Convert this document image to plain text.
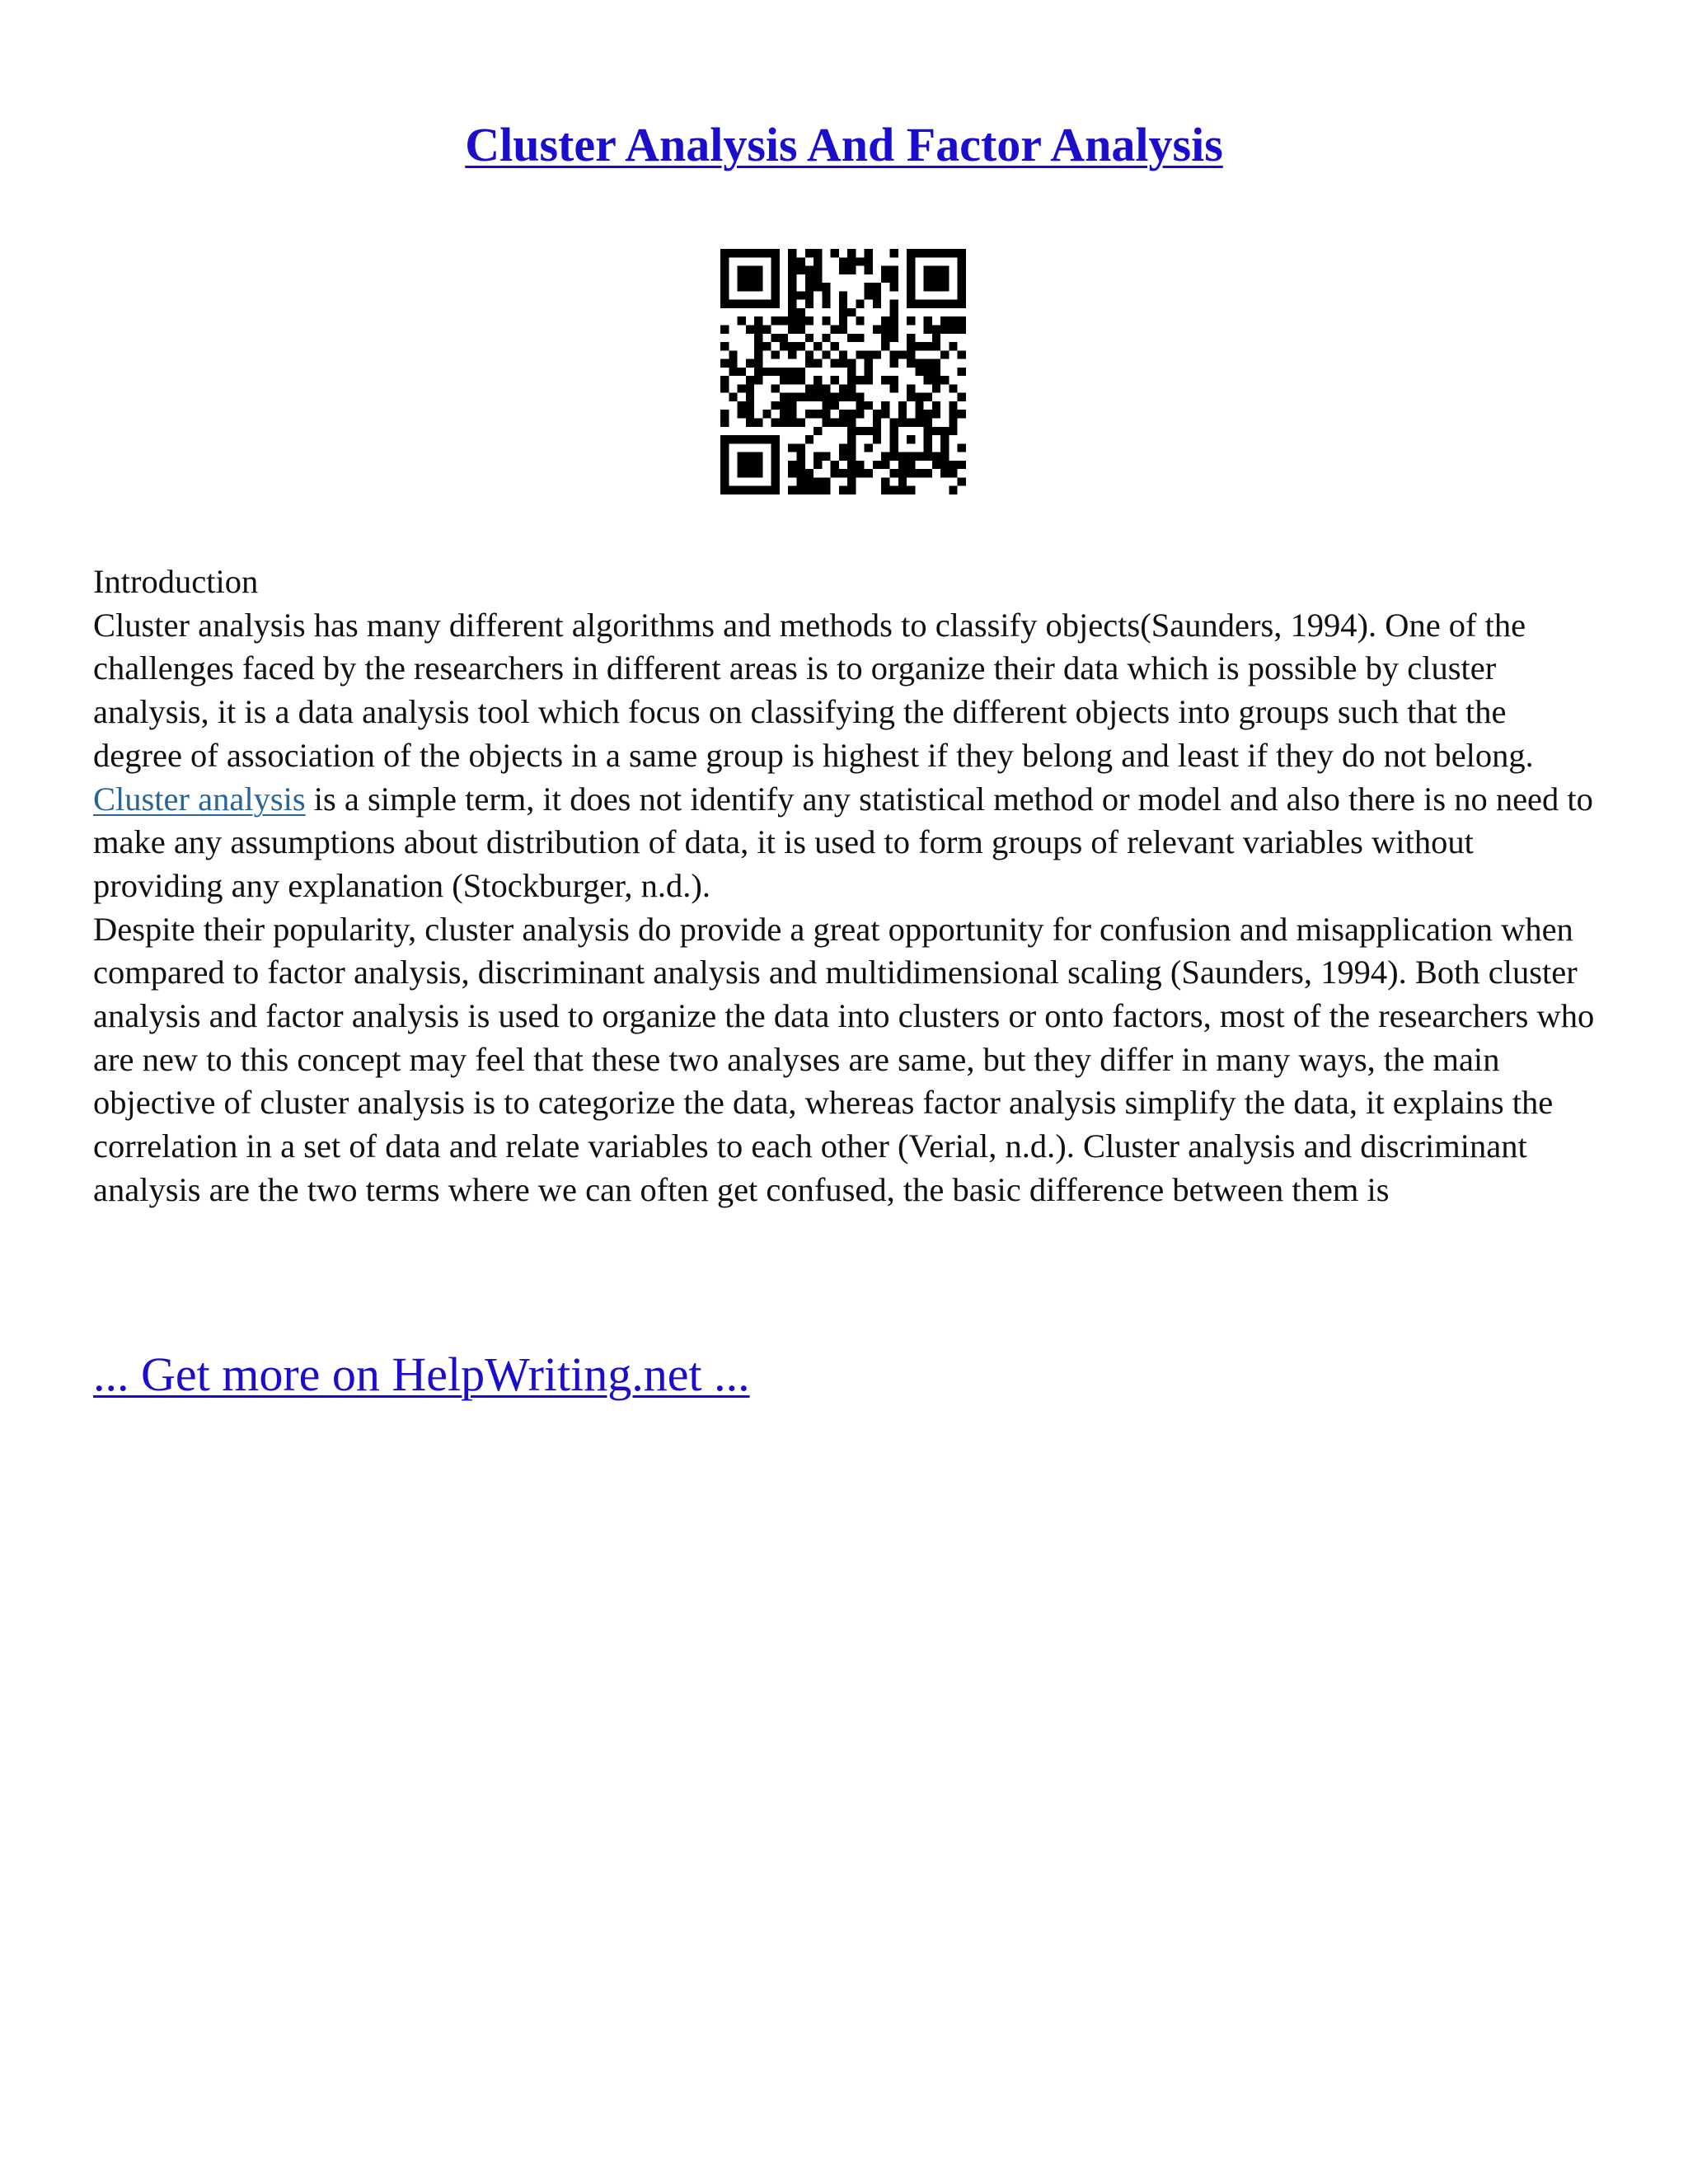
Cluster Analysis And Factor Analysis

Introduction

Cluster analysis has many different algorithms and methods to classify objects(Saunders, 1994). One of the challenges faced by the researchers in different areas is to organize their data which is possible by cluster analysis, it is a data analysis tool which focus on classifying the different objects into groups such that the degree of association of the objects in a same group is highest if they belong and least if they do not belong. Cluster analysis is a simple term, it does not identify any statistical method or model and also there is no need to make any assumptions about distribution of data, it is used to form groups of relevant variables without providing any explanation (Stockburger, n.d.).

Despite their popularity, cluster analysis do provide a great opportunity for confusion and misapplication when compared to factor analysis, discriminant analysis and multidimensional scaling (Saunders, 1994). Both cluster analysis and factor analysis is used to organize the data into clusters or onto factors, most of the researchers who are new to this concept may feel that these two analyses are same, but they differ in many ways, the main objective of cluster analysis is to categorize the data, whereas factor analysis simplify the data, it explains the correlation in a set of data and relate variables to each other (Verial, n.d.). Cluster analysis and discriminant analysis are the two terms where we can often get confused, the basic difference between them is

... Get more on HelpWriting.net ...
